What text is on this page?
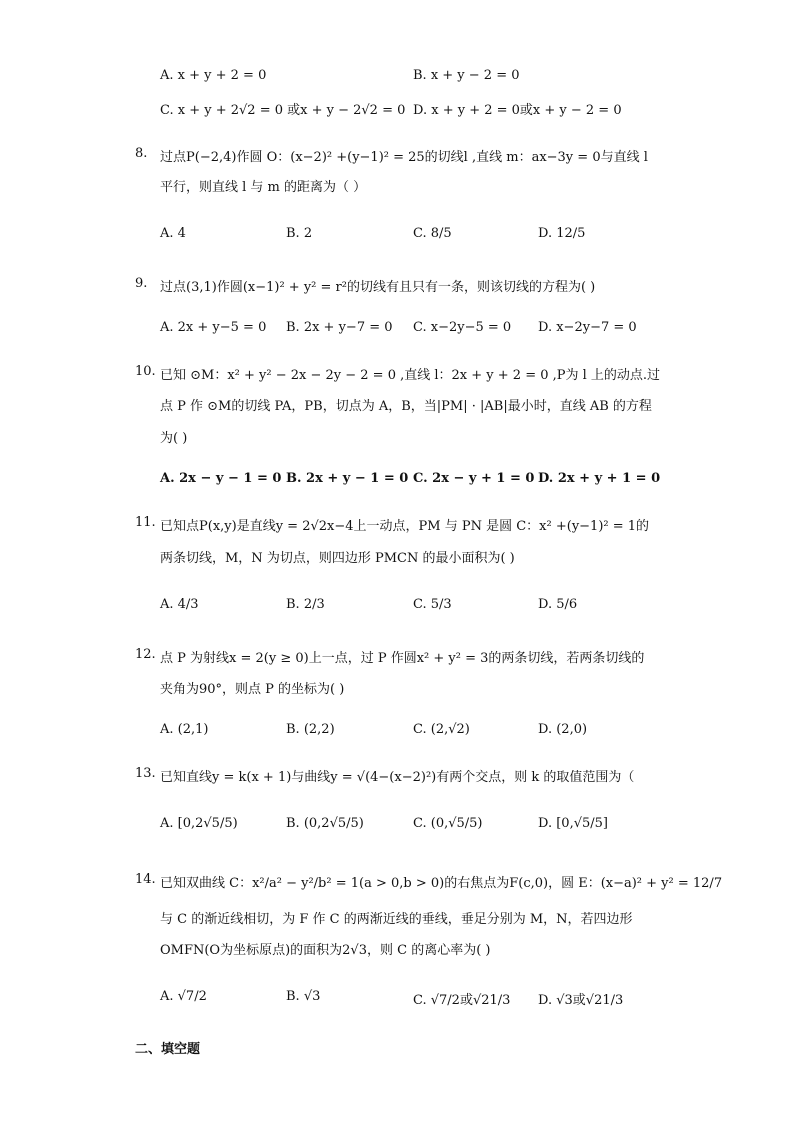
A. x + y + 2 = 0	B. x + y − 2 = 0
C. x + y + 2√2 = 0 或x + y − 2√2 = 0 D. x + y + 2 = 0或x + y − 2 = 0
8. 过点P(−2,4)作圆 O：(x−2)² +(y−1)² = 25的切线l ,直线 m：ax−3y = 0与直线 l
平行，则直线 l 与 m 的距离为（ ）
A. 4	B. 2	C. 8/5	D. 12/5
9. 过点(3,1)作圆(x−1)² + y² = r²的切线有且只有一条，则该切线的方程为( )
A. 2x + y−5 = 0 B. 2x + y−7 = 0 C. x−2y−5 = 0 D. x−2y−7 = 0
10. 已知 ⊙M：x² + y² − 2x − 2y − 2 = 0 ,直线 l：2x + y + 2 = 0 ,P为 l 上的动点.过
点 P 作 ⊙M的切线 PA，PB，切点为 A，B，当|PM| · |AB|最小时，直线 AB 的方程
为( )
A. 2x − y − 1 = 0 B. 2x + y − 1 = 0 C. 2x − y + 1 = 0 D. 2x + y + 1 = 0
11. 已知点P(x,y)是直线y = 2√2x−4上一动点，PM 与 PN 是圆 C：x² +(y−1)² = 1的
两条切线，M，N 为切点，则四边形 PMCN 的最小面积为( )
A. 4/3	B. 2/3	C. 5/3	D. 5/6
12. 点 P 为射线x = 2(y ≥ 0)上一点，过 P 作圆x² + y² = 3的两条切线，若两条切线的
夹角为90°，则点 P 的坐标为( )
A. (2,1)	B. (2,2)	C. (2,√2)	D. (2,0)
13. 已知直线y = k(x + 1)与曲线y = √(4−(x−2)²)有两个交点，则 k 的取值范围为（
A. [0,2√5/5)	B. (0,2√5/5)	C. (0,√5/5)	D. [0,√5/5]
14. 已知双曲线 C：x²/a² − y²/b² = 1(a > 0,b > 0)的右焦点为F(c,0)，圆 E：(x−a)² + y² = 12/7
与 C 的渐近线相切，为 F 作 C 的两渐近线的垂线，垂足分别为 M，N，若四边形
OMFN(O为坐标原点)的面积为2√3，则 C 的离心率为( )
A. √7/2	B. √3	C. √7/2或√21/3 D. √3或√21/3
二、填空题
